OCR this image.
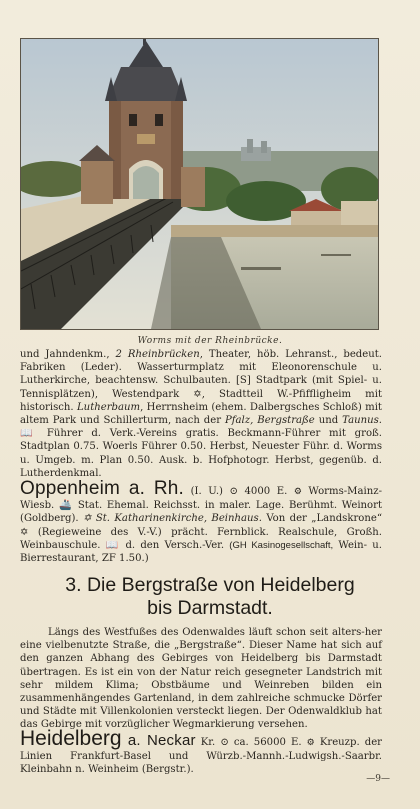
Worms mit der Rheinbrücke.

und Jahndenkm., 2 Rheinbrücken, Theater, höb. Lehranst., bedeut. Fabriken (Leder). Wasserturmplatz mit Eleonorenschule u. Lutherkirche, beachtensw. Schulbauten. [S] Stadtpark (mit Spiel- u. Tennisplätzen), Westendpark ✡, Stadtteil W.-Pfiffligheim mit historisch. Lutherbaum, Herrnsheim (ehem. Dalbergsches Schloß) mit altem Park und Schillerturm, nach der Pfalz, Bergstraße und Taunus. 📖 Führer d. Verk.-Vereins gratis. Beckmann-Führer mit groß. Stadtplan 0.75. Woerls Führer 0.50. Herbst, Neuester Führ. d. Worms u. Umgeb. m. Plan 0.50. Ausk. b. Hofphotogr. Herbst, gegenüb. d. Lutherdenkmal.

Oppenheim a. Rh. (I. U.) ⊙ 4000 E. ⚙ Worms-Mainz-Wiesb. 🚢 Stat. Ehemal. Reichsst. in maler. Lage. Berühmt. Weinort (Goldberg). ✡ St. Katharinenkirche, Beinhaus. Von der „Landskrone“ ✡ (Regieweine des V.-V.) prächt. Fernblick. Realschule, Großh. Weinbauschule. 📖 d. den Versch.-Ver. (GH Kasinogesellschaft, Wein- u. Bierrestaurant, ZF 1.50.)

3. Die Bergstraße von Heidelberg
bis Darmstadt.
Längs des Westfußes des Odenwaldes läuft schon seit alters-her eine vielbenutzte Straße, die „Bergstraße“. Dieser Name hat sich auf den ganzen Abhang des Gebirges von Heidelberg bis Darmstadt übertragen. Es ist ein von der Natur reich gesegneter Landstrich mit sehr mildem Klima; Obstbäume und Weinreben bilden ein zusammenhängendes Gartenland, in dem zahlreiche schmucke Dörfer und Städte mit Villenkolonien versteckt liegen. Der Odenwaldklub hat das Gebirge mit vorzüglicher Wegmarkierung versehen.

Heidelberg a. Neckar Kr. ⊙ ca. 56000 E. ⚙ Kreuzp. der Linien Frankfurt-Basel und Würzb.-Mannh.-Ludwigsh.-Saarbr. Kleinbahn n. Weinheim (Bergstr.).

—9—
